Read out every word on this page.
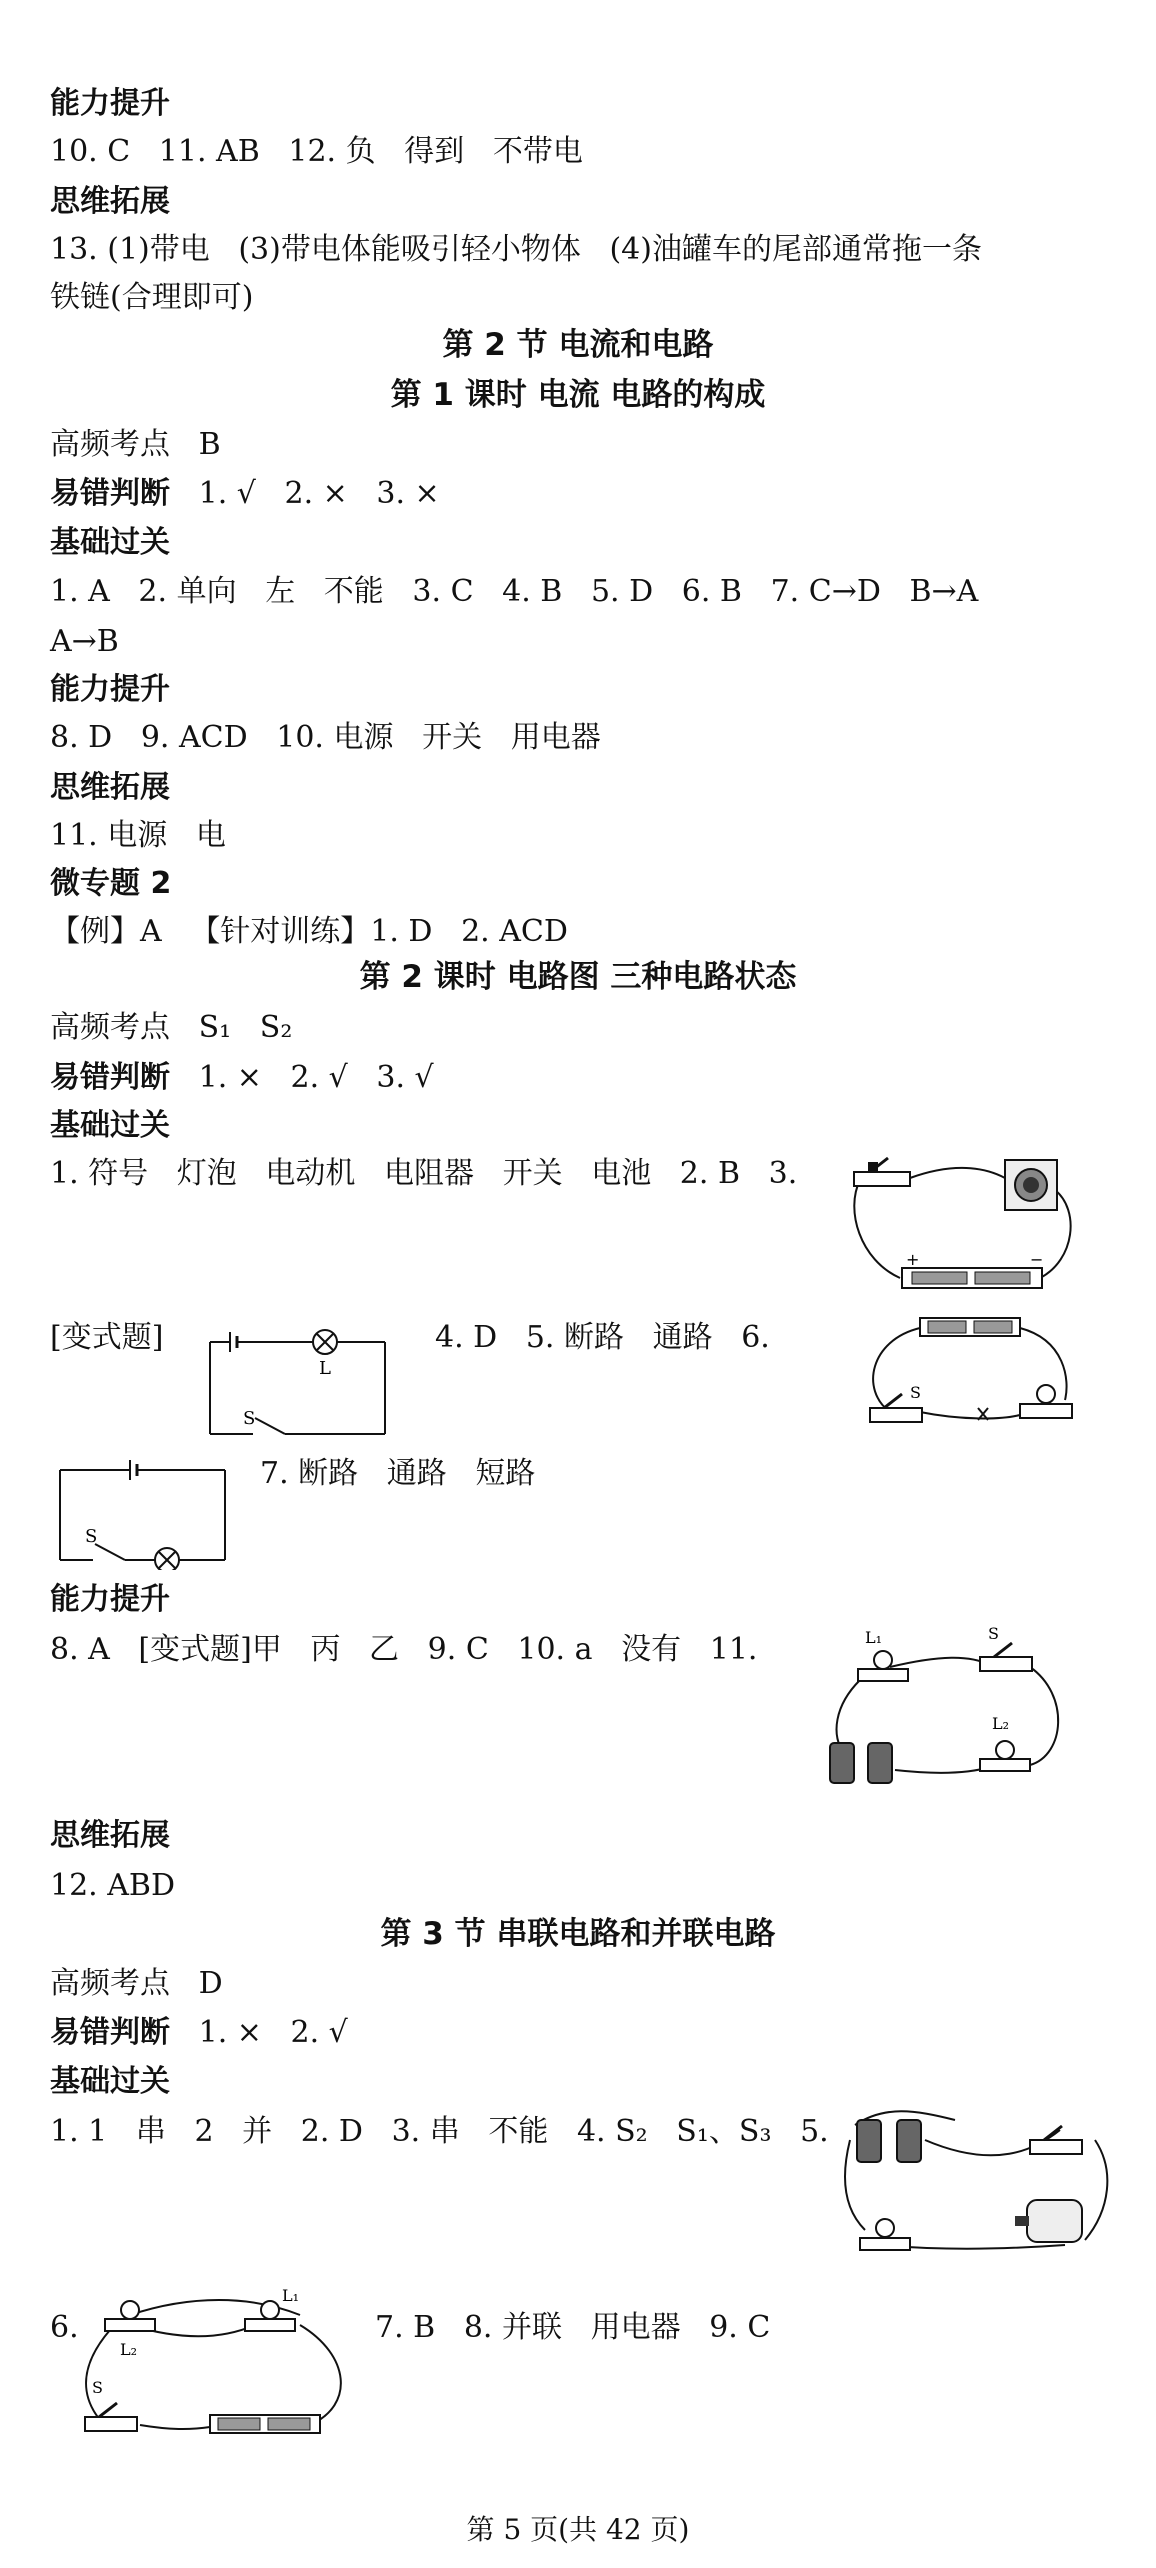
能力提升
10. C   11. AB   12. 负   得到   不带电
思维拓展
13. (1)带电   (3)带电体能吸引轻小物体   (4)油罐车的尾部通常拖一条
铁链(合理即可)
第 2 节 电流和电路
第 1 课时 电流 电路的构成
高频考点   B
易错判断 1. √   2. ×   3. ×
基础过关
1. A   2. 单向   左   不能   3. C   4. B   5. D   6. B   7. C→D   B→A
A→B
能力提升
8. D   9. ACD   10. 电源   开关   用电器
思维拓展
11. 电源   电
微专题 2
【例】A   【针对训练】1. D   2. ACD
第 2 课时 电路图 三种电路状态
高频考点   S₁   S₂
易错判断 1. ×   2. √   3. √
基础过关
1. 符号   灯泡   电动机   电阻器   开关   电池   2. B   3.
+	−
[变式题]
L
S
4. D   5. 断路   通路   6.
S
S
7. 断路   通路   短路
能力提升
8. A   [变式题]甲   丙   乙   9. C   10. a   没有   11.	L₁	S
L₂
思维拓展
12. ABD
第 3 节 串联电路和并联电路
高频考点   D
易错判断 1. ×   2. √
基础过关
1. 1   串   2   并   2. D   3. 串   不能   4. S₂   S₁、S₃   5.
6.
L₂
L₁
S
7. B   8. 并联   用电器   9. C
第 5 页(共 42 页)
